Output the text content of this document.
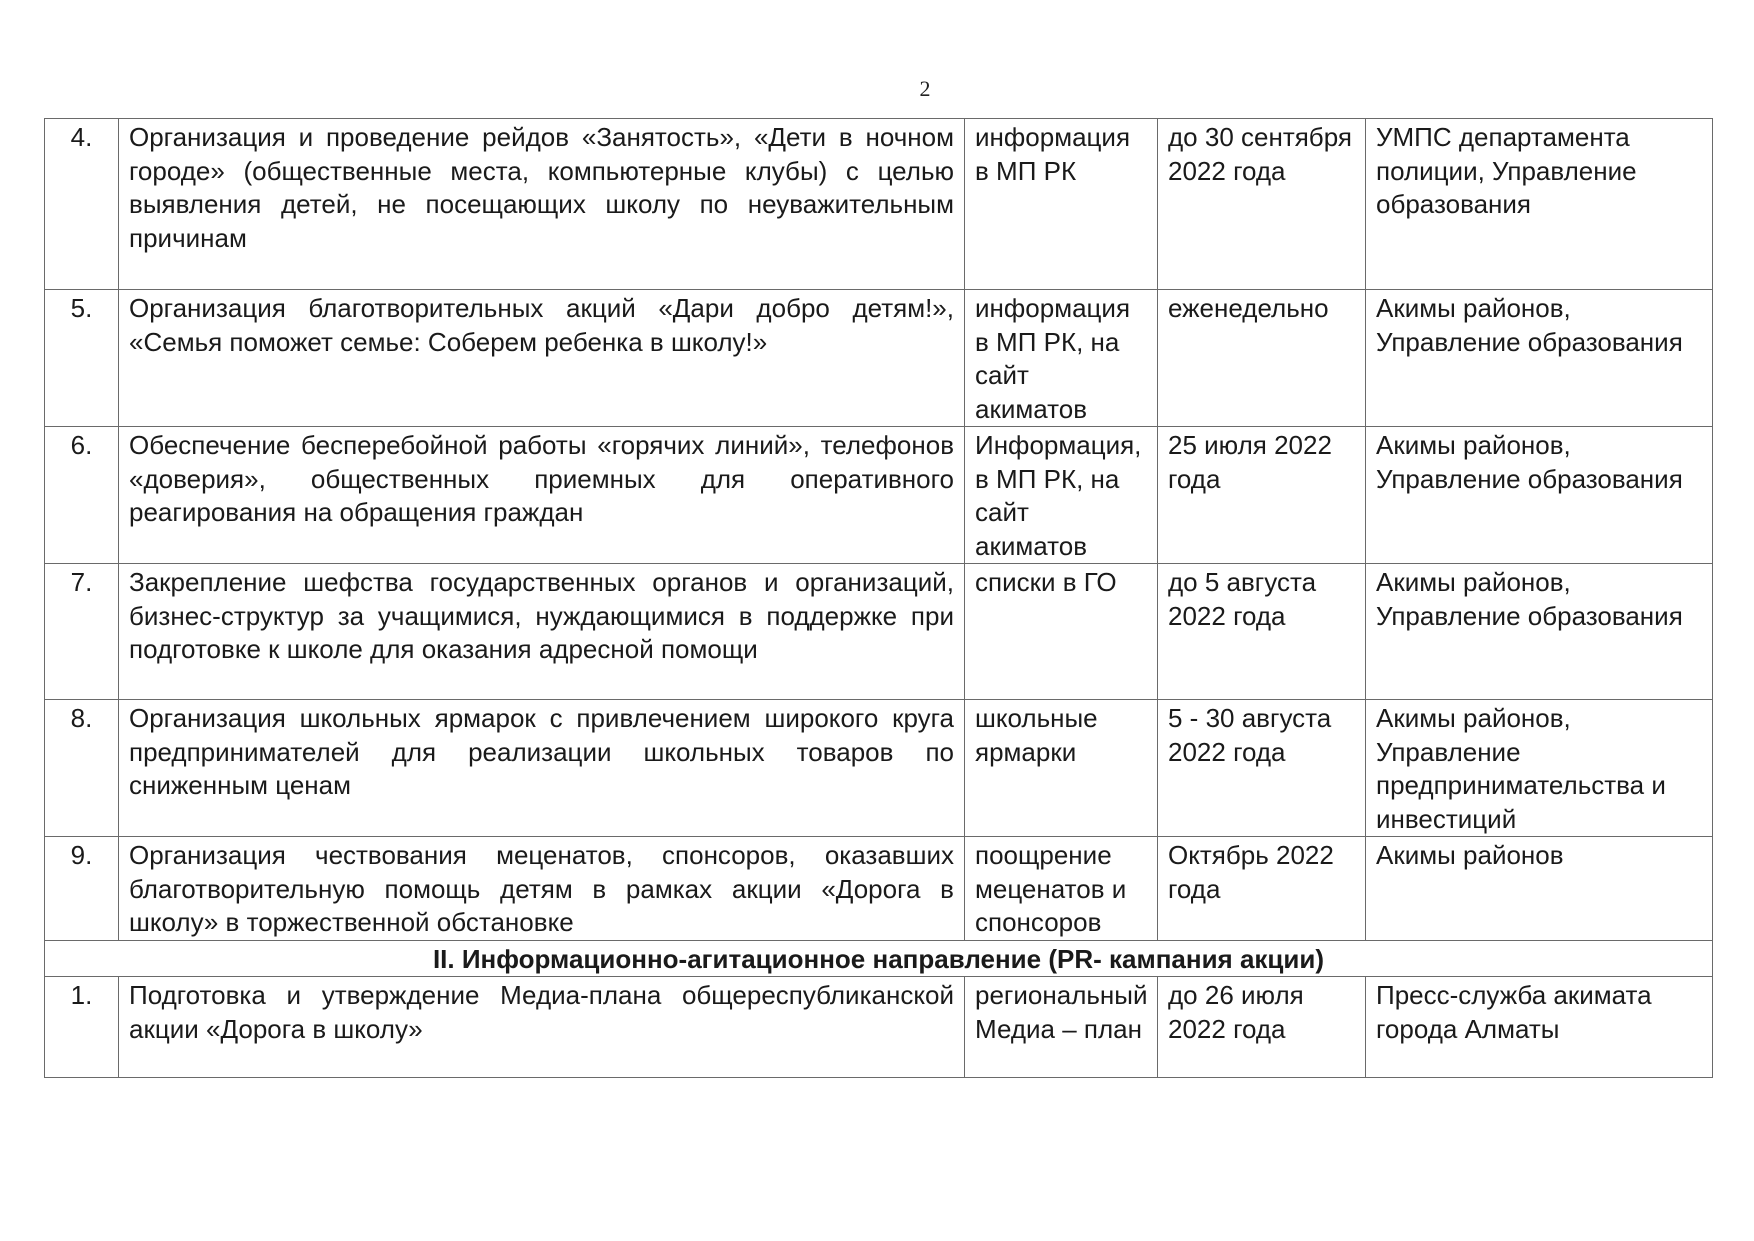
2
4.	Организация и проведение рейдов «Занятость», «Дети в ночном городе» (общественные места, компьютерные клубы) с целью выявления детей, не посещающих школу по неуважительным причинам	информация в МП РК	до 30 сентября 2022 года	УМПС департамента полиции, Управление образования
5.	Организация благотворительных акций «Дари добро детям!», «Семья поможет семье: Соберем ребенка в школу!»	информация в МП РК, на сайт акиматов	еженедельно	Акимы районов, Управление образования
6.	Обеспечение бесперебойной работы «горячих линий», телефонов «доверия», общественных приемных для оперативного реагирования на обращения граждан	Информация, в МП РК, на сайт акиматов	25 июля 2022 года	Акимы районов, Управление образования
7.	Закрепление шефства государственных органов и организаций, бизнес-структур за учащимися, нуждающимися в поддержке при подготовке к школе для оказания адресной помощи	списки в ГО	до 5 августа 2022 года	Акимы районов, Управление образования
8.	Организация школьных ярмарок с привлечением широкого круга предпринимателей для реализации школьных товаров по сниженным ценам	школьные ярмарки	5 - 30 августа 2022 года	Акимы районов, Управление предпринимательства и инвестиций
9.	Организация чествования меценатов, спонсоров, оказавших благотворительную помощь детям в рамках акции «Дорога в школу» в торжественной обстановке	поощрение меценатов и спонсоров	Октябрь 2022 года	Акимы районов
II. Информационно-агитационное направление (PR- кампания акции)				
1.	Подготовка и утверждение Медиа-плана общереспубликанской акции «Дорога в школу»	региональный Медиа – план	до 26 июля 2022 года	Пресс-служба акимата города Алматы
